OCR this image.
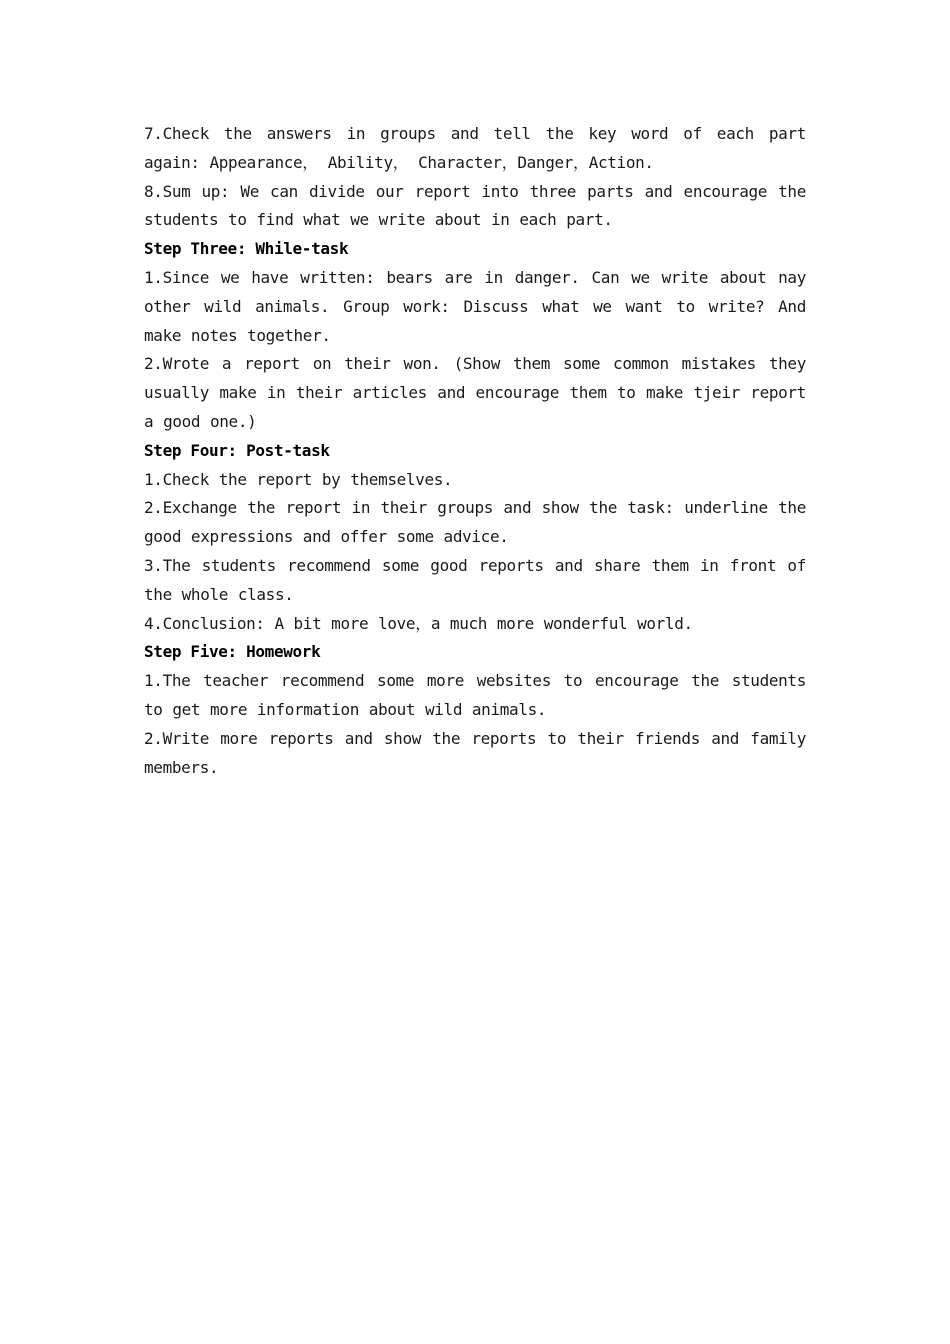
7.Check the answers in groups and tell the key word of each part again: Appearance， Ability， Character，Danger，Action.

8.Sum up: We can divide our report into three parts and encourage the students to find what we write about in each part.

Step Three: While-task

1.Since we have written: bears are in danger. Can we write about nay other wild animals. Group work: Discuss what we want to write? And make notes together.

2.Wrote a report on their won. (Show them some common mistakes they usually make in their articles and encourage them to make tjeir report a good one.)

Step Four: Post-task

1.Check the report by themselves.

2.Exchange the report in their groups and show the task: underline the good expressions and offer some advice.

3.The students recommend some good reports and share them in front of the whole class.

4.Conclusion: A bit more love，a much more wonderful world.

Step Five: Homework

1.The teacher recommend some more websites to encourage the students to get more information about wild animals.

2.Write more reports and show the reports to their friends and family members.
